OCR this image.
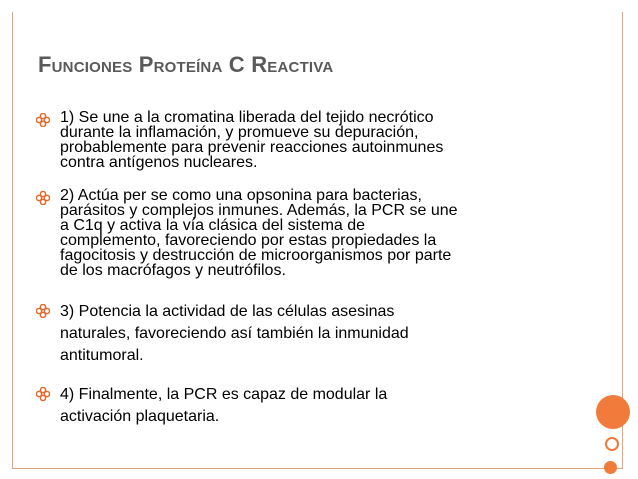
Funciones Proteína C Reactiva

1) Se une a la cromatina liberada del tejido necrótico
durante la inflamación, y promueve su depuración,
probablemente para prevenir reacciones autoinmunes
contra antígenos nucleares.

2) Actúa per se como una opsonina para bacterias,
parásitos y complejos inmunes. Además, la PCR se une
a C1q y activa la vía clásica del sistema de
complemento, favoreciendo por estas propiedades la
fagocitosis y destrucción de microorganismos por parte
de los macrófagos y neutrófilos.

3) Potencia la actividad de las células asesinas
naturales, favoreciendo así también la inmunidad
antitumoral.

4) Finalmente, la PCR es capaz de modular la
activación plaquetaria.
